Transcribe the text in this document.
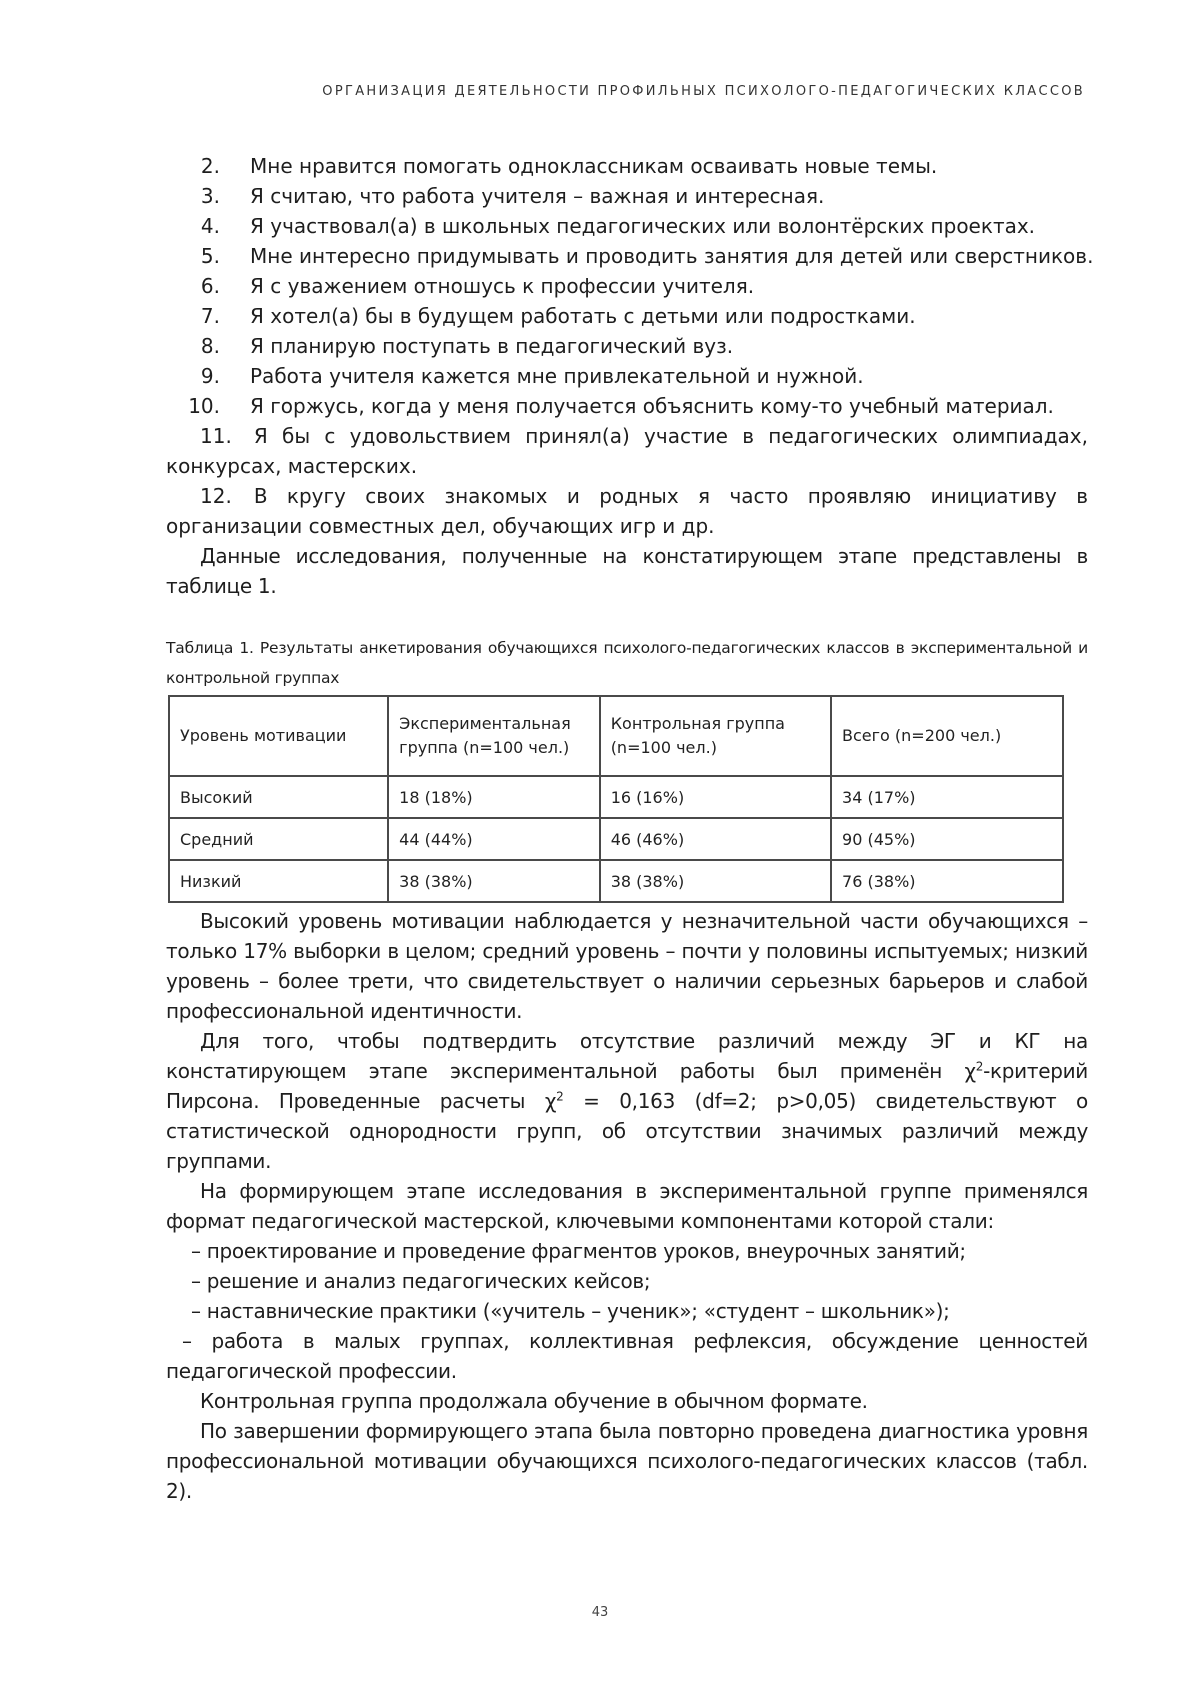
ОРГАНИЗАЦИЯ ДЕЯТЕЛЬНОСТИ ПРОФИЛЬНЫХ ПСИХОЛОГО-ПЕДАГОГИЧЕСКИХ КЛАССОВ
2. Мне нравится помогать одноклассникам осваивать новые темы.
3. Я считаю, что работа учителя – важная и интересная.
4. Я участвовал(а) в школьных педагогических или волонтёрских проектах.
5. Мне интересно придумывать и проводить занятия для детей или сверстников.
6. Я с уважением отношусь к профессии учителя.
7. Я хотел(а) бы в будущем работать с детьми или подростками.
8. Я планирую поступать в педагогический вуз.
9. Работа учителя кажется мне привлекательной и нужной.
10. Я горжусь, когда у меня получается объяснить кому-то учебный материал.
11. Я бы с удовольствием принял(а) участие в педагогических олимпиадах, конкурсах, мастерских.
12. В кругу своих знакомых и родных я часто проявляю инициативу в организации совместных дел, обучающих игр и др.

Данные исследования, полученные на констатирующем этапе представлены в таблице 1.

Таблица 1. Результаты анкетирования обучающихся психолого-педагогических классов в экспериментальной и контрольной группах
Уровень мотивации	Экспериментальная группа (n=100 чел.)	Контрольная группа (n=100 чел.)	Всего (n=200 чел.)
Высокий	18 (18%)	16 (16%)	34 (17%)
Средний	44 (44%)	46 (46%)	90 (45%)
Низкий	38 (38%)	38 (38%)	76 (38%)

Высокий уровень мотивации наблюдается у незначительной части обучающихся – только 17% выборки в целом; средний уровень – почти у половины испытуемых; низкий уровень – более трети, что свидетельствует о наличии серьезных барьеров и слабой профессиональной идентичности.

Для того, чтобы подтвердить отсутствие различий между ЭГ и КГ на констатирующем этапе экспериментальной работы был применён $\chi^2$-критерий Пирсона. Проведенные расчеты $\chi^2 = 0,163$ (df=2; p>0,05) свидетельствуют о статистической однородности групп, об отсутствии значимых различий между группами.

На формирующем этапе исследования в экспериментальной группе применялся формат педагогической мастерской, ключевыми компонентами которой стали:

– проектирование и проведение фрагментов уроков, внеурочных занятий;

– решение и анализ педагогических кейсов;

– наставнические практики («учитель – ученик»; «студент – школьник»);

– работа в малых группах, коллективная рефлексия, обсуждение ценностей педагогической профессии.

Контрольная группа продолжала обучение в обычном формате.

По завершении формирующего этапа была повторно проведена диагностика уровня профессиональной мотивации обучающихся психолого-педагогических классов (табл. 2).

43
